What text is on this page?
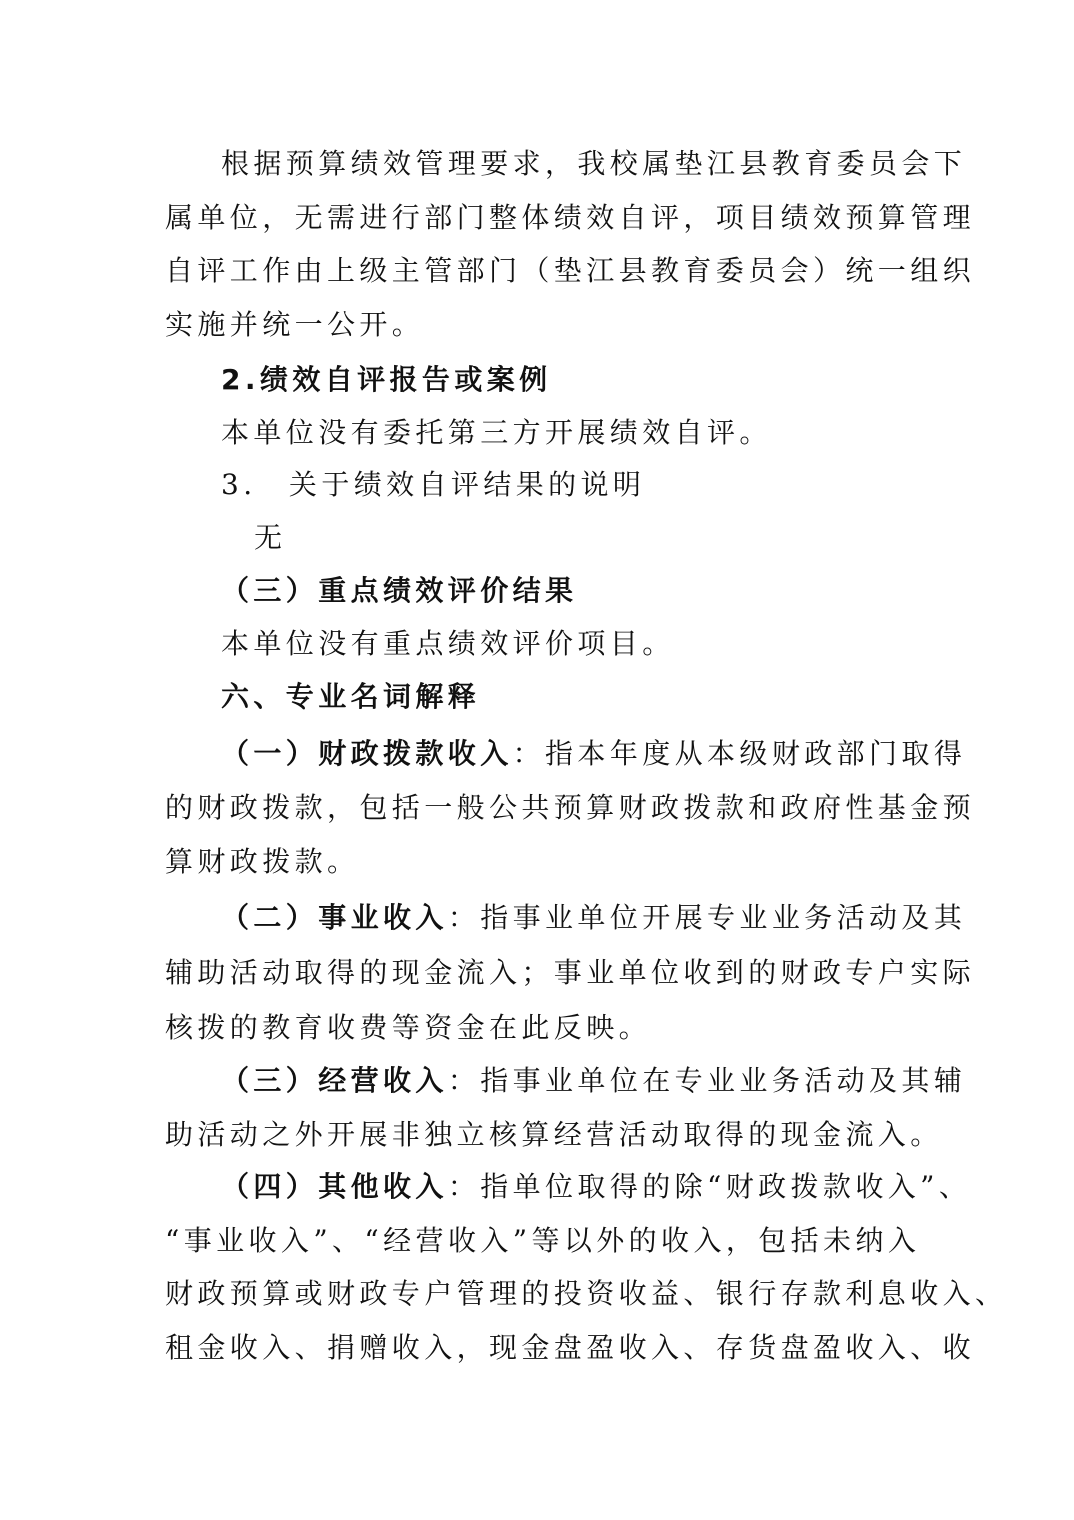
根据预算绩效管理要求，我校属垫江县教育委员会下
属单位，无需进行部门整体绩效自评，项目绩效预算管理
自评工作由上级主管部门（垫江县教育委员会）统一组织
实施并统一公开。
2.绩效自评报告或案例
本单位没有委托第三方开展绩效自评。
3.　关于绩效自评结果的说明
无
（三）重点绩效评价结果
本单位没有重点绩效评价项目。
六、专业名词解释
（一）财政拨款收入：指本年度从本级财政部门取得
的财政拨款，包括一般公共预算财政拨款和政府性基金预
算财政拨款。
（二）事业收入：指事业单位开展专业业务活动及其
辅助活动取得的现金流入；事业单位收到的财政专户实际
核拨的教育收费等资金在此反映。
（三）经营收入：指事业单位在专业业务活动及其辅
助活动之外开展非独立核算经营活动取得的现金流入。
（四）其他收入：指单位取得的除“财政拨款收入”、
“事业收入”、“经营收入”等以外的收入，包括未纳入
财政预算或财政专户管理的投资收益、银行存款利息收入、
租金收入、捐赠收入，现金盘盈收入、存货盘盈收入、收
